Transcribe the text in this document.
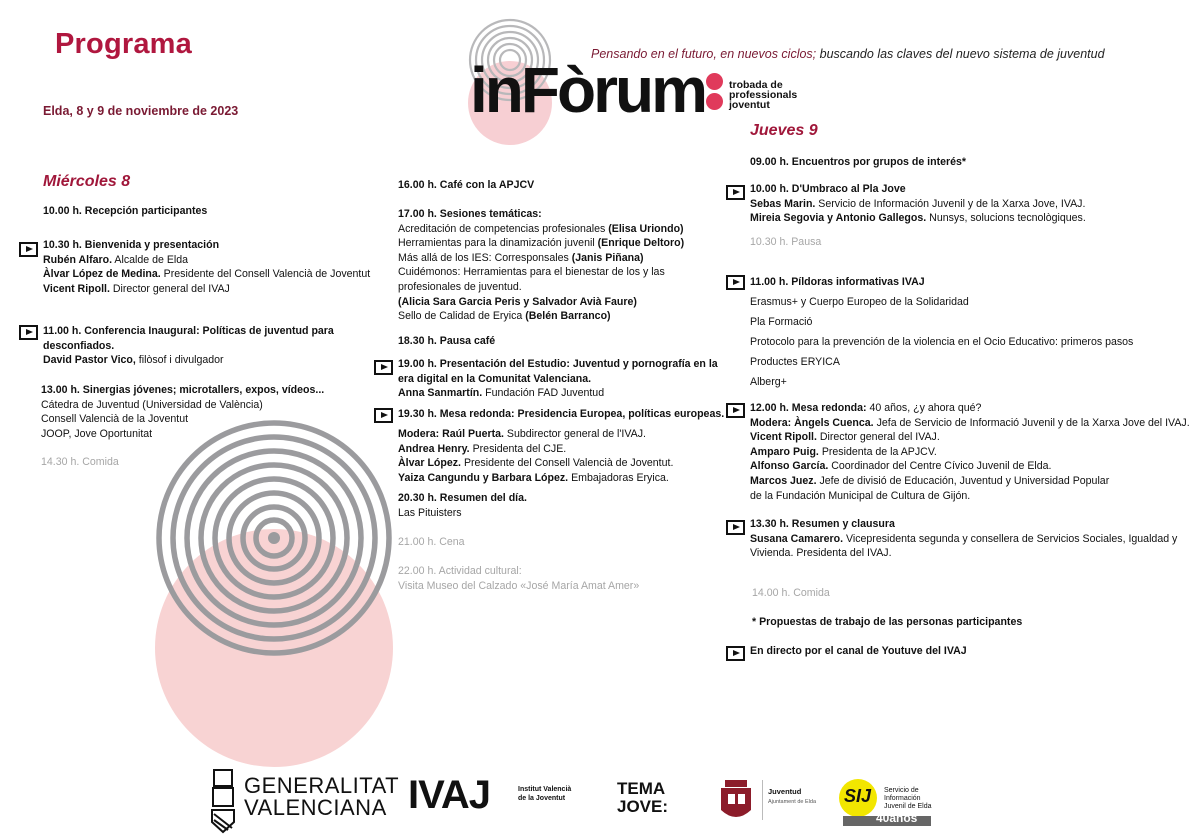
Programa
Elda, 8 y 9 de noviembre de 2023	inFòrum trobada de
professionals
joventut
Pensando en el futuro, en nuevos ciclos; buscando las claves del nuevo sistema de juventud
Miércoles 8
10.00 h. Recepción participantes
10.30 h. Bienvenida y presentación
Rubén Alfaro. Alcalde de Elda
Àlvar López de Medina. Presidente del Consell Valencià de Joventut
Vicent Ripoll. Director general del IVAJ
11.00 h. Conferencia Inaugural: Políticas de juventud para
desconfiados.
David Pastor Vico, filòsof i divulgador
13.00 h. Sinergias jóvenes; microtallers, expos, vídeos...
Cátedra de Juventud (Universidad de València)
Consell Valencià de la Joventut
JOOP, Jove Oportunitat
14.30 h. Comida
16.00 h. Café con la APJCV
17.00 h. Sesiones temáticas:
Acreditación de competencias profesionales (Elisa Uriondo)
Herramientas para la dinamización juvenil (Enrique Deltoro)
Más allá de los IES: Corresponsales (Janis Piñana)
Cuidémonos: Herramientas para el bienestar de los y las
profesionales de juventud.
(Alicia Sara Garcia Peris y Salvador Avià Faure)
Sello de Calidad de Eryica (Belén Barranco)
18.30 h. Pausa café
19.00 h. Presentación del Estudio: Juventud y pornografía en la
era digital en la Comunitat Valenciana.
Anna Sanmartín. Fundación FAD Juventud
19.30 h. Mesa redonda: Presidencia Europea, políticas europeas.
Modera: Raúl Puerta. Subdirector general de l'IVAJ.
Andrea Henry. Presidenta del CJE.
Àlvar López. Presidente del Consell Valencià de Joventut.
Yaiza Cangundu y Barbara López. Embajadoras Eryica.
20.30 h. Resumen del día.
Las Pituisters
21.00 h. Cena
22.00 h. Actividad cultural:
Visita Museo del Calzado «José María Amat Amer»
Jueves 9
09.00 h. Encuentros por grupos de interés*
10.00 h. D'Umbraco al Pla Jove
Sebas Marin. Servicio de Información Juvenil y de la Xarxa Jove, IVAJ.
Mireia Segovia y Antonio Gallegos. Nunsys, solucions tecnològiques.
10.30 h. Pausa
11.00 h. Píldoras informativas IVAJ
Erasmus+ y Cuerpo Europeo de la Solidaridad
Pla Formació
Protocolo para la prevención de la violencia en el Ocio Educativo: primeros pasos
Productes ERYICA
Alberg+
12.00 h. Mesa redonda: 40 años, ¿y ahora qué?
Modera: Àngels Cuenca. Jefa de Servicio de Informació Juvenil y de la Xarxa Jove del IVAJ.
Vicent Ripoll. Director general del IVAJ.
Amparo Puig. Presidenta de la APJCV.
Alfonso García. Coordinador del Centre Cívico Juvenil de Elda.
Marcos Juez. Jefe de divisió de Educación, Juventud y Universidad Popular
de la Fundación Municipal de Cultura de Gijón.
13.30 h. Resumen y clausura
Susana Camarero. Vicepresidenta segunda y consellera de Servicios Sociales, Igualdad y
Vivienda. Presidenta del IVAJ.
14.00 h. Comida
* Propuestas de trabajo de las personas participantes
En directo por el canal de Youtuve del IVAJ
GENERALITAT
VALENCIANA IVAJ	Institut Valencià
de la Joventut
TEMA
JOVE:
Juventud
Ajuntament de Elda SIJ Servicio de
Información
Juvenil de Elda
40años
